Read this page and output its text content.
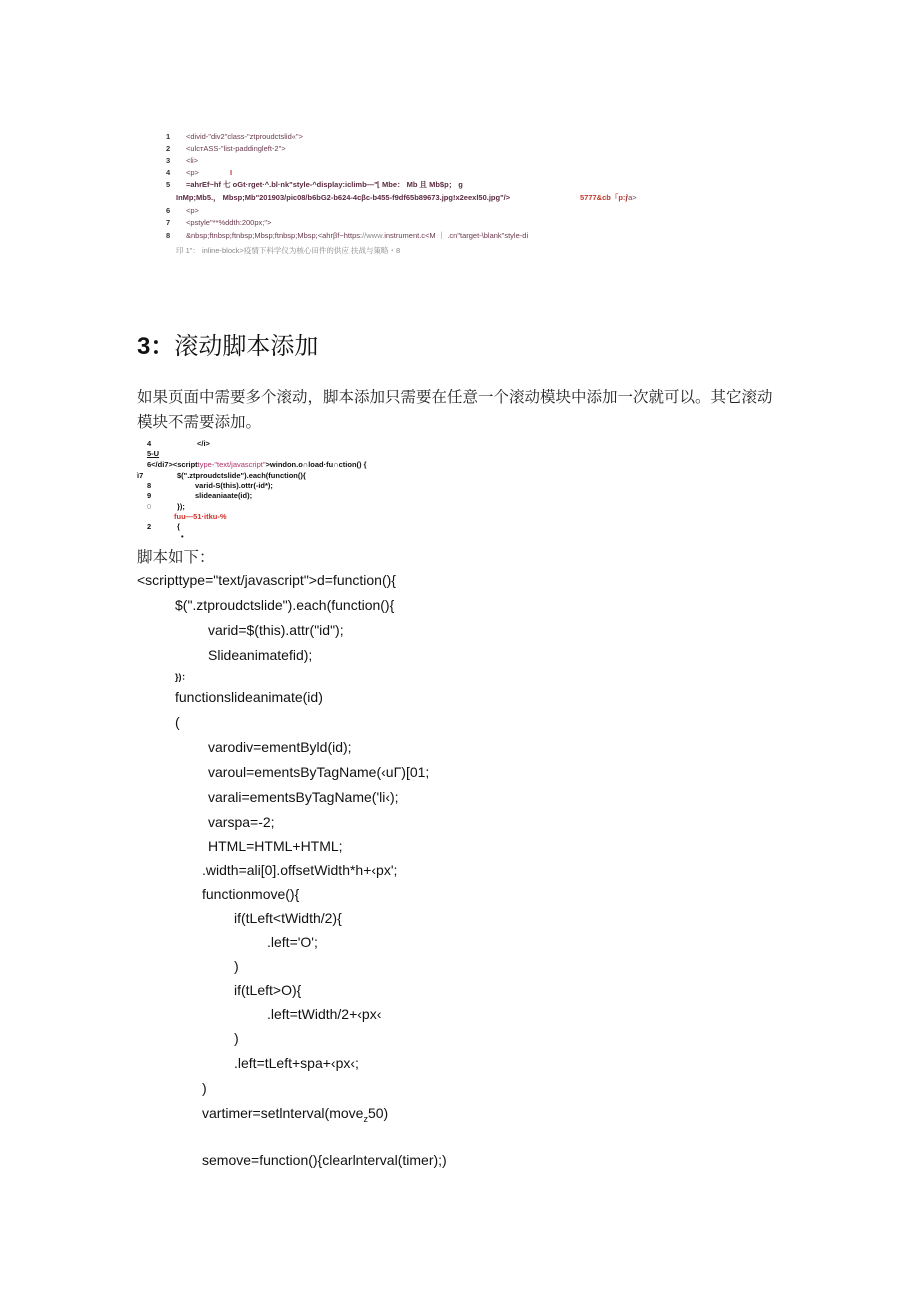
1 <divid-"div2"class-"ztproudctslid«">
2 <ulcтASS-"list-paddingleft-2">
3 <li>
4 <p>	I
5 =ahrEf~hf 七 oGt·rget·^.bl·nk"style-^display:iclimb—" ⌊ Mbe： Mb 且 Mb$p； g
InMp;Mb5.， Mbsp;Mb"201903/pic08/b6bG2-b624-4cβc-b455-f9df65b89673.jpg!x2eexl50.jpg"/>	5777&cb「p:j
/a>
6 <p>
7 <pstyle"**%ddth:200px;">
8 &nbsp;ftnbsp;ftnbsp;Mbsp;ftnbsp;Mbsp;<ahrβf~https://www.instrument.c<M ｜ .cn"target-\blank"style-di
印 1"： inline-block>疫情下科学仪为核心田件的供应 扶战与策略・8
3：滚动脚本添加
如果页面中需要多个滚动，脚本添加只需要在任意一个滚动模块中添加一次就可以。其它滚动
模块不需要添加。
4	</i>
5-U
6</di7><scripttype-"text/javascript">windon.o∩load·fu∩ction() {
ì7	$(".ztproudctslide").each(function(){
8	varid-S(this).ottr(-id*);
9	slideaniaate(id);
0	});
fuu—51·itku-%
2	{
•
脚本如下：
<scripttype="text/javascript">d=function(){
$(".ztproudctslide").each(function(){
varid=$(this).attr("id");
Slideanimatefid);
})：
functionslideanimate(id)
(
varodiv=ementByld(id);
varoul=ementsByTagName(‹uΓ)[01;
varali=ementsByTagName('li‹);
varspa=-2;
HTML=HTML+HTML;
.width=ali[0].offsetWidth*h+‹px';
functionmove(){
if(tLeft<tWidth/2){
.left='O';
)
if(tLeft>O){
.left=tWidth/2+‹px‹
)
.left=tLeft+spa+‹px‹;
)
vartimer=setlnterval(move$_z$50)
semove=function(){clearlnterval(timer);)
